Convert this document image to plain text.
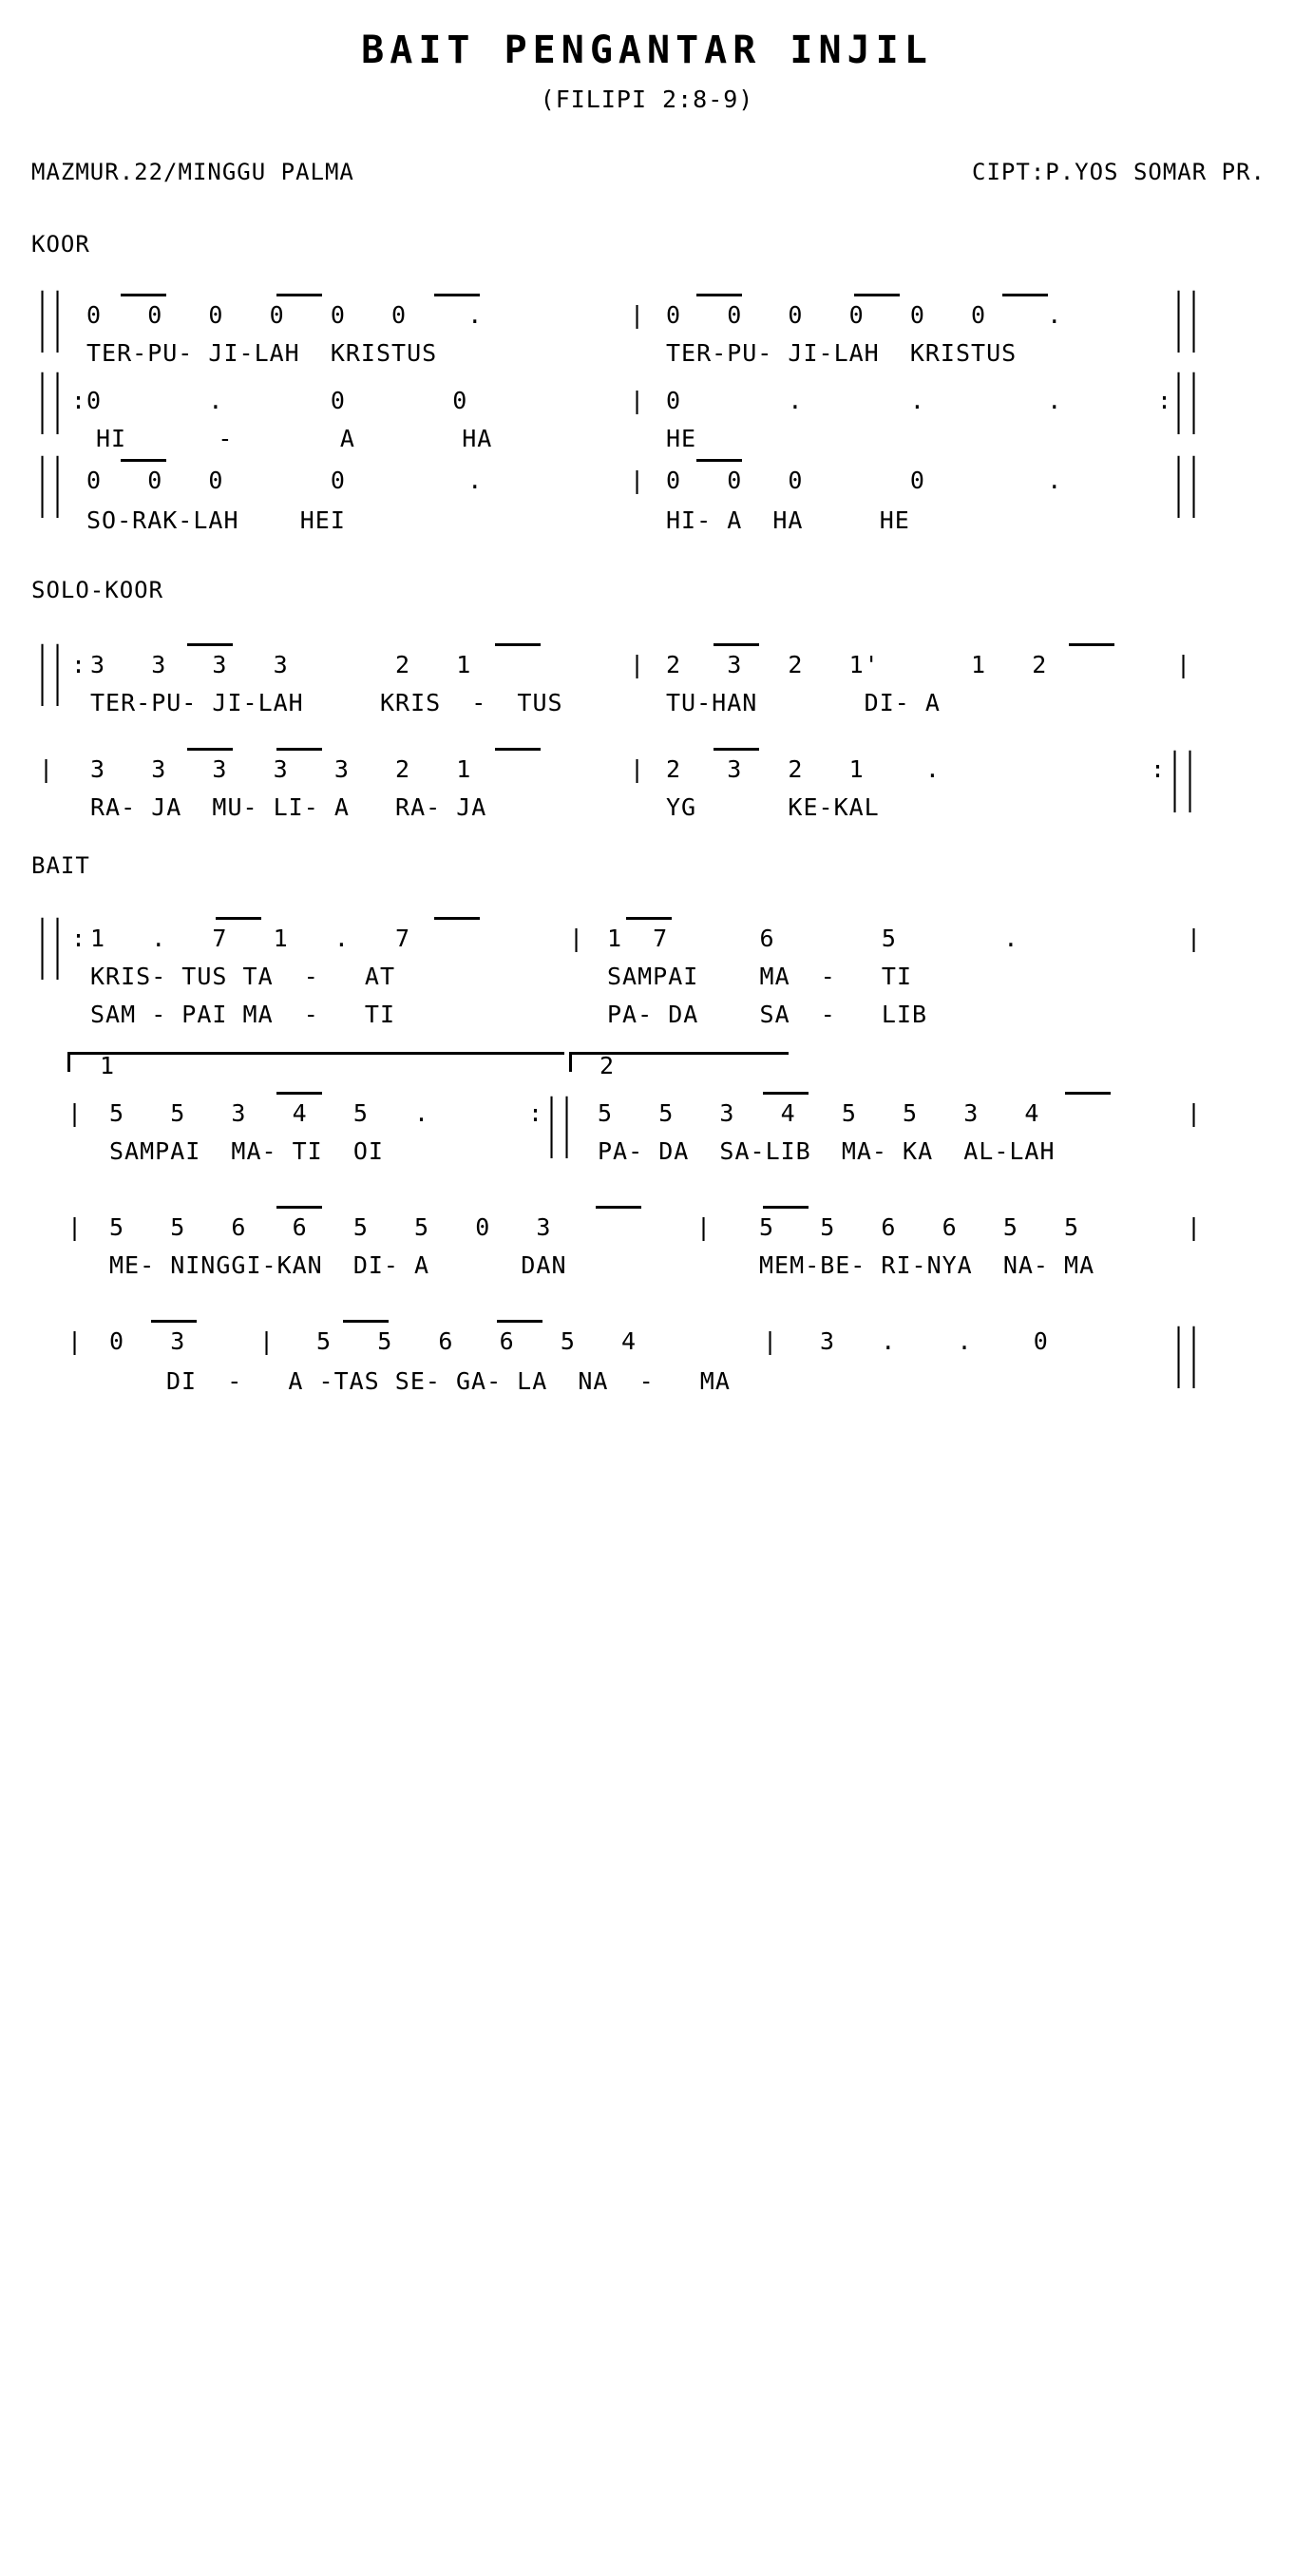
BAIT PENGANTAR INJIL
(FILIPI 2:8-9)
MAZMUR.22/MINGGU PALMA	CIPT:P.YOS SOMAR PR.
KOOR

||

||

||

||

||

||

0   0   0   0   0   0    .

	|

0   0   0   0   0   0    .

TER-PU- JI-LAH  KRISTUS

	TER-PU- JI-LAH  KRISTUS

:

0       .       0       0

	|

0       .       .        .

	:

HI      -       A       HA

	HE

0   0   0       0        .

	|

0   0   0       0        .

SO-RAK-LAH    HEI

	HI- A  HA     HE

SOLO-KOOR

||

:

3   3   3   3       2   1

	|

2   3   2   1'      1   2

	|

TER-PU- JI-LAH     KRIS  -  TUS

	TU-HAN       DI- A

|

3   3   3   3   3   2   1

	|

2   3   2   1    .

	:

||

RA- JA  MU- LI- A   RA- JA

	YG      KE-KAL

BAIT

||

:

1   .   7   1   .   7

	|

1  7      6       5       .

	|

KRIS- TUS TA  -   AT

	SAMPAI    MA  -   TI

SAM - PAI MA  -   TI

	PA- DA    SA  -   LIB

1

	2

|

5   5   3   4   5   .

	:

||

5   5   3   4   5   5   3   4

	|

SAMPAI  MA- TI  OI

	PA- DA  SA-LIB  MA- KA  AL-LAH

|

5   5   6   6   5   5   0   3

	|

5   5   6   6   5   5

	|

ME- NINGGI-KAN  DI- A      DAN

	MEM-BE- RI-NYA  NA- MA

|

0   3

	|

5   5   6   6   5   4

	|

3   .    .    0

	||

DI  -   A -TAS SE- GA- LA  NA  -   MA
